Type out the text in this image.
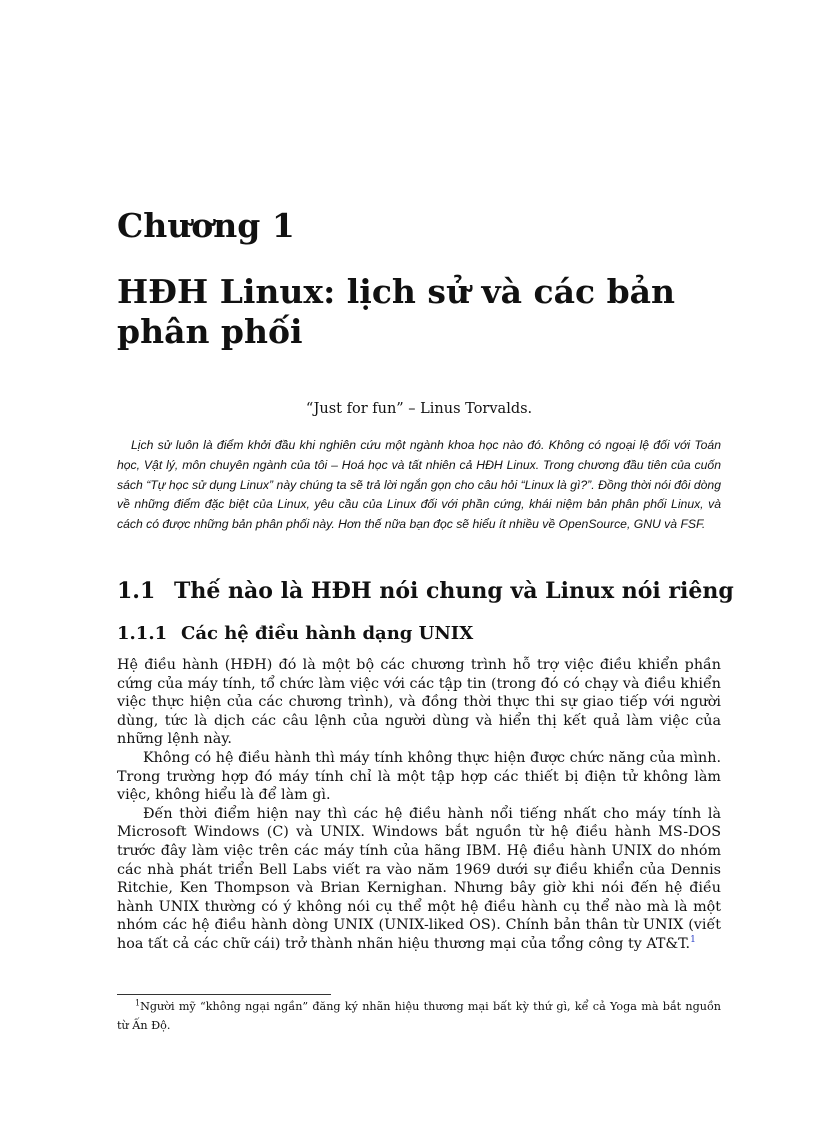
Chương 1
HĐH Linux: lịch sử và các bản phân phối
“Just for fun” – Linus Torvalds.

Lịch sử luôn là điểm khởi đầu khi nghiên cứu một ngành khoa học nào đó. Không có ngoại lệ đối với Toán học, Vật lý, môn chuyên ngành của tôi – Hoá học và tất nhiên cả HĐH Linux. Trong chương đầu tiên của cuốn sách “Tự học sử dụng Linux” này chúng ta sẽ trả lời ngắn gọn cho câu hỏi “Linux là gì?”. Đồng thời nói đôi dòng về những điểm đặc biệt của Linux, yêu cầu của Linux đối với phần cứng, khái niệm bản phân phối Linux, và cách có được những bản phân phối này. Hơn thế nữa bạn đọc sẽ hiểu ít nhiều về OpenSource, GNU và FSF.

1.1 Thế nào là HĐH nói chung và Linux nói riêng
1.1.1 Các hệ điều hành dạng UNIX

Hệ điều hành (HĐH) đó là một bộ các chương trình hỗ trợ việc điều khiển phần cứng của máy tính, tổ chức làm việc với các tập tin (trong đó có chạy và điều khiển việc thực hiện của các chương trình), và đồng thời thực thi sự giao tiếp với người dùng, tức là dịch các câu lệnh của người dùng và hiển thị kết quả làm việc của những lệnh này.

Không có hệ điều hành thì máy tính không thực hiện được chức năng của mình. Trong trường hợp đó máy tính chỉ là một tập hợp các thiết bị điện tử không làm việc, không hiểu là để làm gì.

Đến thời điểm hiện nay thì các hệ điều hành nổi tiếng nhất cho máy tính là Microsoft Windows (C) và UNIX. Windows bắt nguồn từ hệ điều hành MS-DOS trước đây làm việc trên các máy tính của hãng IBM. Hệ điều hành UNIX do nhóm các nhà phát triển Bell Labs viết ra vào năm 1969 dưới sự điều khiển của Dennis Ritchie, Ken Thompson và Brian Kernighan. Nhưng bây giờ khi nói đến hệ điều hành UNIX thường có ý không nói cụ thể một hệ điều hành cụ thể nào mà là một nhóm các hệ điều hành dòng UNIX (UNIX-liked OS). Chính bản thân từ UNIX (viết hoa tất cả các chữ cái) trở thành nhãn hiệu thương mại của tổng công ty AT&T.$^1$

$^1$Người mỹ “không ngại ngần” đăng ký nhãn hiệu thương mại bất kỳ thứ gì, kể cả Yoga mà bắt nguồn từ Ấn Độ.
